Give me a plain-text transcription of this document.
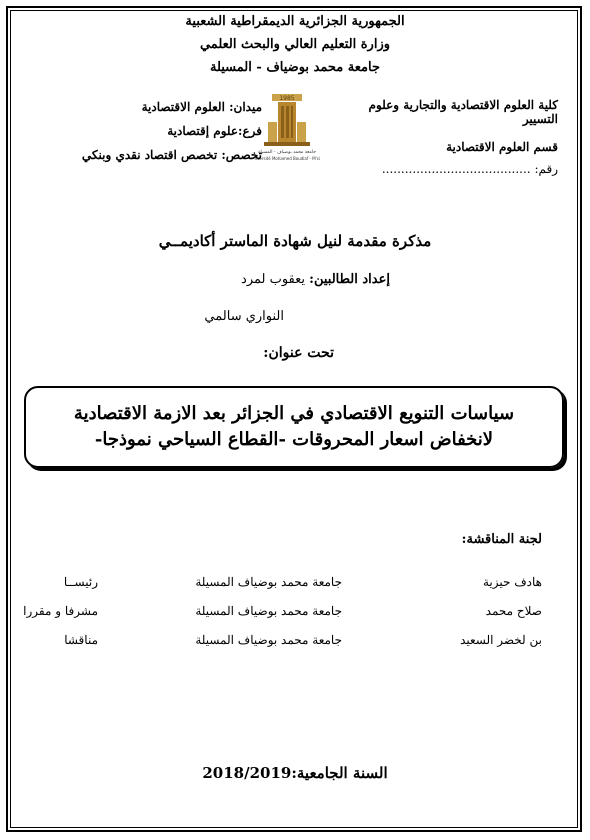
الجمهورية الجزائرية الديمقراطية الشعبية
وزارة التعليم العالي والبحث العلمي
جامعة محمد بوضياف - المسيلة
كلية العلوم الاقتصادية والتجارية وعلوم التسيير
قسم العلوم الاقتصادية
رقم: .......................................
1985
جامعة محمد بوضياف - المسيلة
Université Mohamed Boudiaf - M'sila
ميدان: العلوم الاقتصادية
فرع:علوم إقتصادية
تخصص: تخصص اقتصاد نقدي وبنكي
مذكرة مقدمة لنيل شهادة الماستر أكاديمــي
إعداد الطالبين: يعقوب لمرد
النواري سالمي
تحت عنوان:
سياسات التنويع الاقتصادي في الجزائر بعد الازمة الاقتصادية
لانخفاض اسعار المحروقات -القطاع السياحي نموذجا-
لجنة المناقشة:
هادف حيزية
جامعة محمد بوضياف المسيلة
رئيســا
صلاح محمد
جامعة محمد بوضياف المسيلة
مشرفا و مقررا
بن لخضر السعيد
جامعة محمد بوضياف المسيلة
مناقشا
السنة الجامعية:2018/2019
